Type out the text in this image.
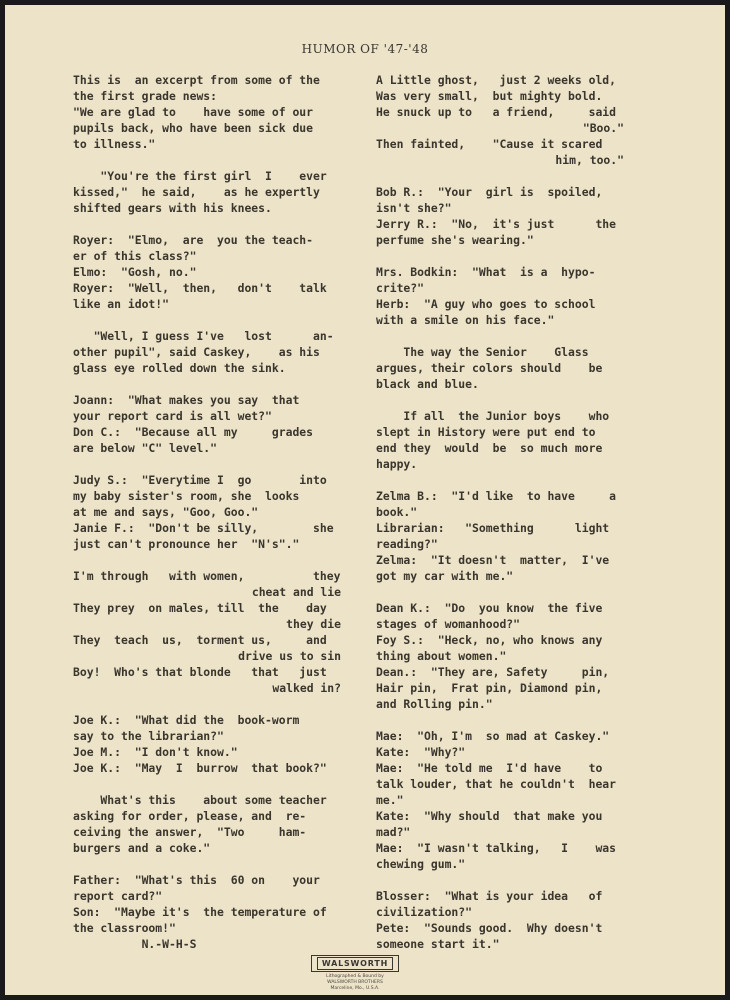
HUMOR OF '47-'48
This is  an excerpt from some of the
the first grade news:
"We are glad to    have some of our
pupils back, who have been sick due
to illness."
"You're the first girl  I    ever
kissed,"  he said,    as he expertly
shifted gears with his knees.
Royer:  "Elmo,  are  you the teach-
er of this class?"
Elmo:  "Gosh, no."
Royer:  "Well,  then,   don't    talk
like an idot!"
"Well, I guess I've   lost      an-
other pupil", said Caskey,    as his
glass eye rolled down the sink.
Joann:  "What makes you say  that
your report card is all wet?"
Don C.:  "Because all my     grades
are below "C" level."
Judy S.:  "Everytime I  go       into
my baby sister's room, she  looks
at me and says, "Goo, Goo."
Janie F.:  "Don't be silly,        she
just can't pronounce her  "N's"."
I'm through   with women,          they
cheat and lie
They prey  on males, till  the    day
they die
They  teach  us,  torment us,     and
drive us to sin
Boy!  Who's that blonde   that   just
walked in?
Joe K.:  "What did the  book-worm
say to the librarian?"
Joe M.:  "I don't know."
Joe K.:  "May  I  burrow  that book?"
What's this    about some teacher
asking for order, please, and  re-
ceiving the answer,  "Two     ham-
burgers and a coke."
Father:  "What's this  60 on    your
report card?"
Son:  "Maybe it's  the temperature of
the classroom!"
N.-W-H-S
A Little ghost,   just 2 weeks old,
Was very small,  but mighty bold.
He snuck up to   a friend,     said
"Boo."
Then fainted,    "Cause it scared
him, too."
Bob R.:  "Your  girl is  spoiled,
isn't she?"
Jerry R.:  "No,  it's just      the
perfume she's wearing."
Mrs. Bodkin:  "What  is a  hypo-
crite?"
Herb:  "A guy who goes to school
with a smile on his face."
The way the Senior    Glass
argues, their colors should    be
black and blue.
If all  the Junior boys    who
slept in History were put end to
end they  would  be  so much more
happy.
Zelma B.:  "I'd like  to have     a
book."
Librarian:   "Something      light
reading?"
Zelma:  "It doesn't  matter,  I've
got my car with me."
Dean K.:  "Do  you know  the five
stages of womanhood?"
Foy S.:  "Heck, no, who knows any
thing about women."
Dean.:  "They are, Safety     pin,
Hair pin,  Frat pin, Diamond pin,
and Rolling pin."
Mae:  "Oh, I'm  so mad at Caskey."
Kate:  "Why?"
Mae:  "He told me  I'd have    to
talk louder, that he couldn't  hear
me."
Kate:  "Why should  that make you
mad?"
Mae:  "I wasn't talking,   I    was
chewing gum."
Blosser:  "What is your idea   of
civilization?"
Pete:  "Sounds good.  Why doesn't
someone start it."
WALSWORTH
Lithographed & Bound by
WALSWORTH BROTHERS
Marceline, Mo., U.S.A.
